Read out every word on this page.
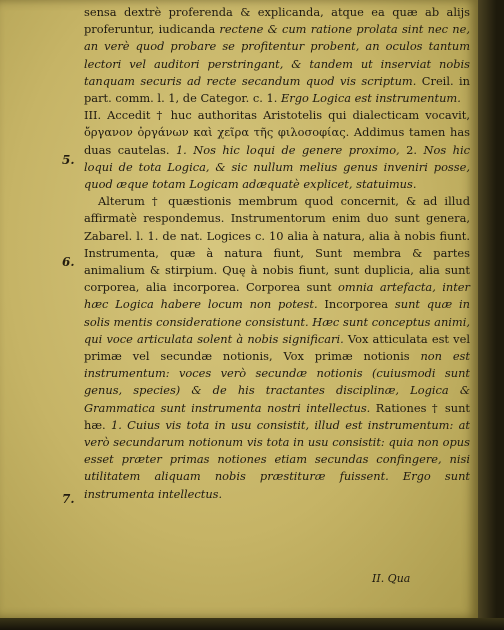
sensa dextrè proferenda & explicanda, atque ea quæ ab alijs proferuntur, iudicanda rectene & cum ratione prolata sint nec ne, an verè quod probare se profitentur probent, an oculos tantum lectori vel auditori perstringant, & tandem ut inserviat nobis tanquam securis ad recte secandum quod vis scriptum. Creil. in part. comm. l. 1, de Categor. c. 1. Ergo Logica est instrumentum.

III. Accedit † huc authoritas Aristotelis qui dialecticam vocavit, ὄργανον ὀργάνων καὶ χεῖρα τῆς φιλοσοφίας. Addimus tamen has duas cautelas. 1. Nos hic loqui de genere proximo, 2. Nos hic loqui de tota Logica, & sic nullum melius genus inveniri posse, quod æque totam Logicam adæquatè explicet, statuimus.

Alterum † quæstionis membrum quod concernit, & ad illud affirmatè respondemus. Instrumentorum enim duo sunt genera, Zabarel. l. 1. de nat. Logices c. 10 alia à natura, alia à nobis fiunt. Instrumenta, quæ à natura fiunt, Sunt membra & partes animalium & stirpium. Quę à nobis fiunt, sunt duplicia, alia sunt corporea, alia incorporea. Corporea sunt omnia artefacta, inter hæc Logica habere locum non potest. Incorporea sunt quæ in solis mentis consideratione consistunt. Hæc sunt conceptus animi, qui voce articulata solent à nobis significari. Vox atticulata est vel primæ vel secundæ notionis, Vox primæ notionis non est instrumentum: voces verò secundæ notionis (cuiusmodi sunt genus, species) & de his tractantes disciplinæ, Logica & Grammatica sunt instrumenta nostri intellectus. Rationes † sunt hæ. 1. Cuius vis tota in usu consistit, illud est instrumentum: at verò secundarum notionum vis tota in usu consistit: quia non opus esset præter primas notiones etiam secundas confingere, nisi utilitatem aliquam nobis præstituræ fuissent. Ergo sunt instrumenta intellectus.

5.
6.
7.
II. Qua
